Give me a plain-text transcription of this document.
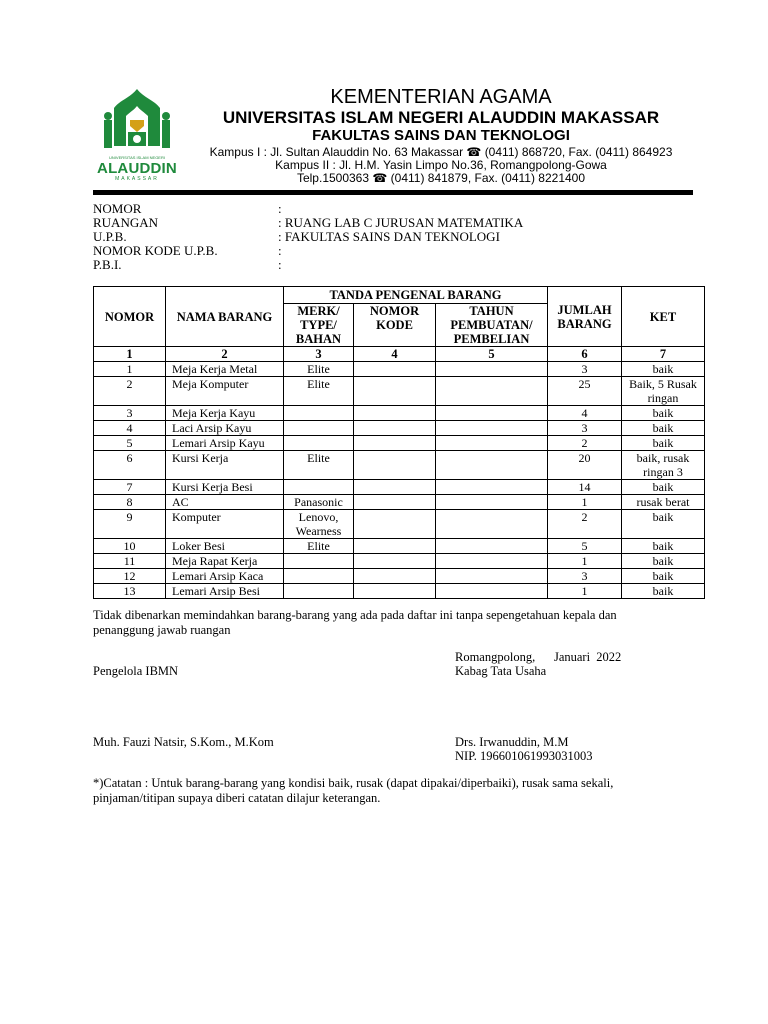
UNIVERSITAS ISLAM NEGERI
ALAUDDIN
MAKASSAR
KEMENTERIAN AGAMA
UNIVERSITAS ISLAM NEGERI ALAUDDIN MAKASSAR
FAKULTAS SAINS DAN TEKNOLOGI
Kampus I : Jl. Sultan Alauddin No. 63 Makassar ☎ (0411) 868720, Fax. (0411) 864923
Kampus II : Jl. H.M. Yasin Limpo No.36, Romangpolong-Gowa
Telp.1500363 ☎ (0411) 841879, Fax. (0411) 8221400
NOMOR	:
RUANGAN	: RUANG LAB C JURUSAN MATEMATIKA
U.P.B.	: FAKULTAS SAINS DAN TEKNOLOGI
NOMOR KODE U.P.B.	:
P.B.I.	:
NOMOR	NAMA BARANG	TANDA PENGENAL BARANG			JUMLAH BARANG	KET
		MERK/ TYPE/ BAHAN	NOMOR KODE	TAHUN PEMBUATAN/ PEMBELIAN		
1	2	3	4	5	6	7
1	Meja Kerja Metal	Elite			3	baik
2	Meja Komputer	Elite			25	Baik, 5 Rusak ringan
3	Meja Kerja Kayu				4	baik
4	Laci Arsip Kayu				3	baik
5	Lemari Arsip Kayu				2	baik
6	Kursi Kerja	Elite			20	baik, rusak ringan 3
7	Kursi Kerja Besi				14	baik
8	AC	Panasonic			1	rusak berat
9	Komputer	Lenovo, Wearness			2	baik
10	Loker Besi	Elite			5	baik
11	Meja Rapat Kerja				1	baik
12	Lemari Arsip Kaca				3	baik
13	Lemari Arsip Besi				1	baik
Tidak dibenarkan memindahkan barang-barang yang ada pada daftar ini tanpa sepengetahuan kepala dan
penanggung jawab ruangan
Romangpolong,      Januari  2022
Pengelola IBMN	Kabag Tata Usaha
Muh. Fauzi Natsir, S.Kom., M.Kom	Drs. Irwanuddin, M.M
NIP. 196601061993031003
*)Catatan : Untuk barang-barang yang kondisi baik, rusak (dapat dipakai/diperbaiki), rusak sama sekali,
pinjaman/titipan supaya diberi catatan dilajur keterangan.
